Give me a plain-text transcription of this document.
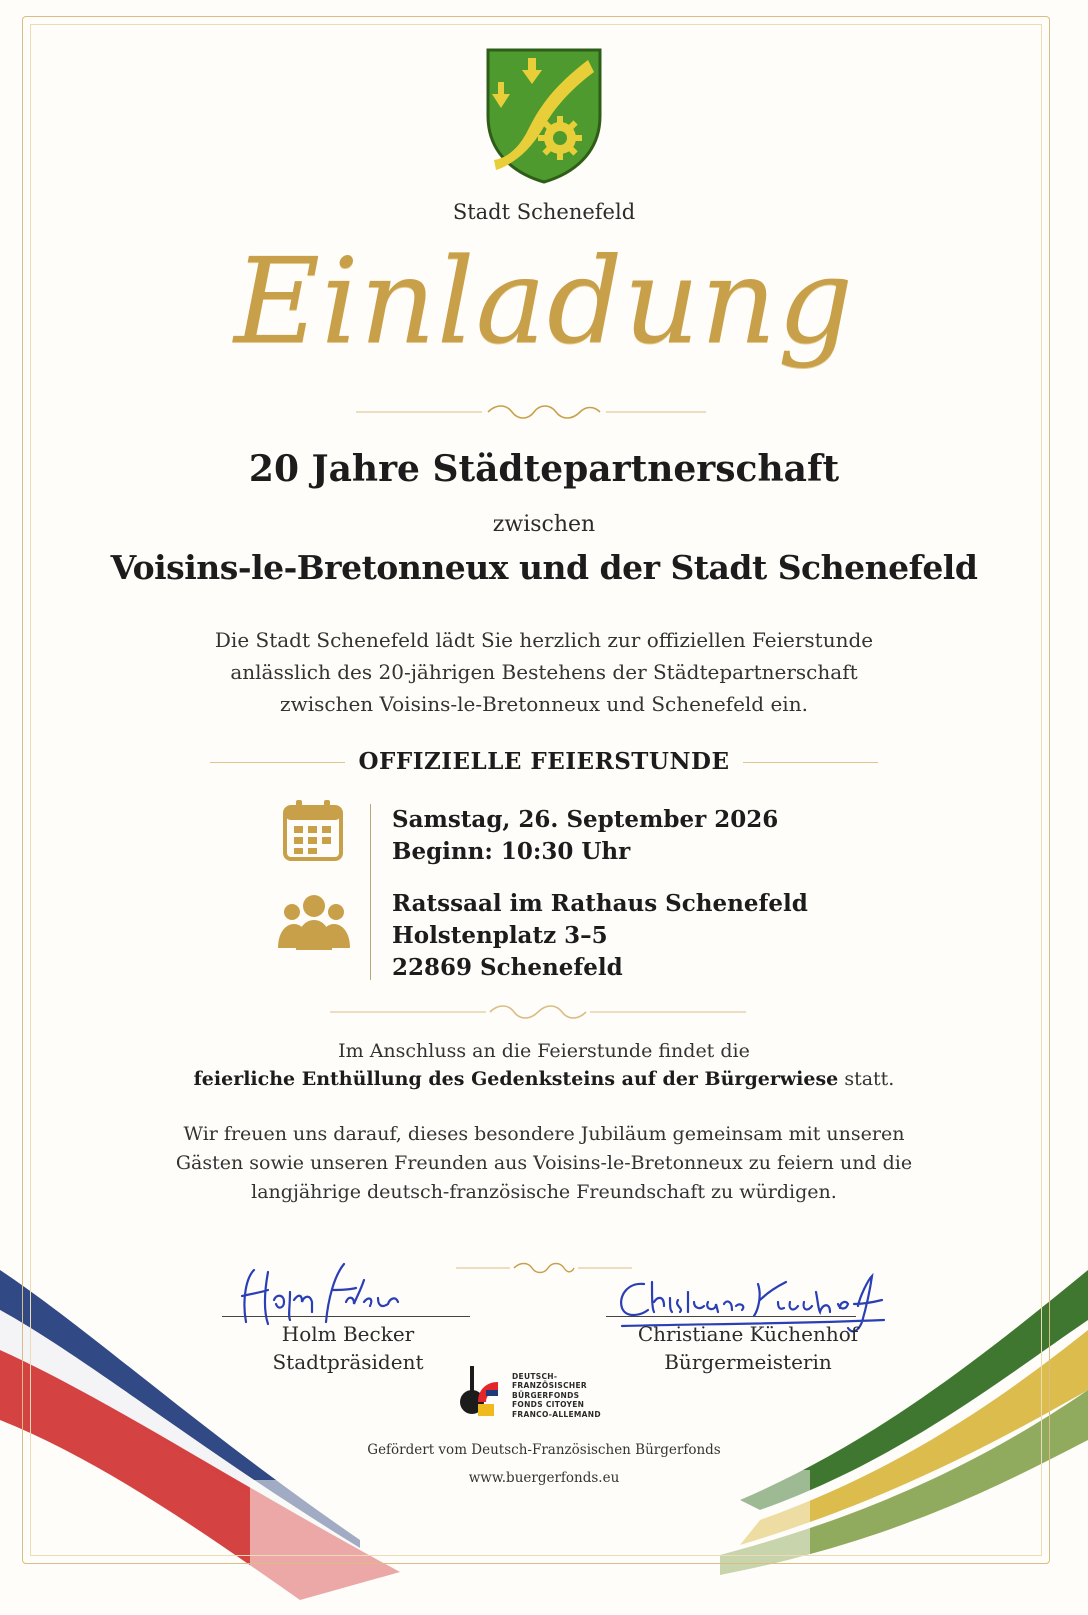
Stadt Schenefeld
Einladung
20 Jahre Städtepartnerschaft
zwischen
Voisins-le-Bretonneux und der Stadt Schenefeld
Die Stadt Schenefeld lädt Sie herzlich zur offiziellen Feierstunde
anlässlich des 20-jährigen Bestehens der Städtepartnerschaft
zwischen Voisins-le-Bretonneux und Schenefeld ein.
OFFIZIELLE FEIERSTUNDE
Samstag, 26. September 2026
Beginn: 10:30 Uhr
Ratssaal im Rathaus Schenefeld
Holstenplatz 3–5
22869 Schenefeld
Im Anschluss an die Feierstunde findet die
feierliche Enthüllung des Gedenksteins auf der Bürgerwiese statt.
Wir freuen uns darauf, dieses besondere Jubiläum gemeinsam mit unseren
Gästen sowie unseren Freunden aus Voisins-le-Bretonneux zu feiern und die
langjährige deutsch-französische Freundschaft zu würdigen.
Holm Becker
Stadtpräsident
Christiane Küchenhof
Bürgermeisterin
DEUTSCH-
FRANZÖSISCHER
BÜRGERFONDS
FONDS CITOYEN
FRANCO-ALLEMAND
Gefördert vom Deutsch-Französischen Bürgerfonds
www.buergerfonds.eu
